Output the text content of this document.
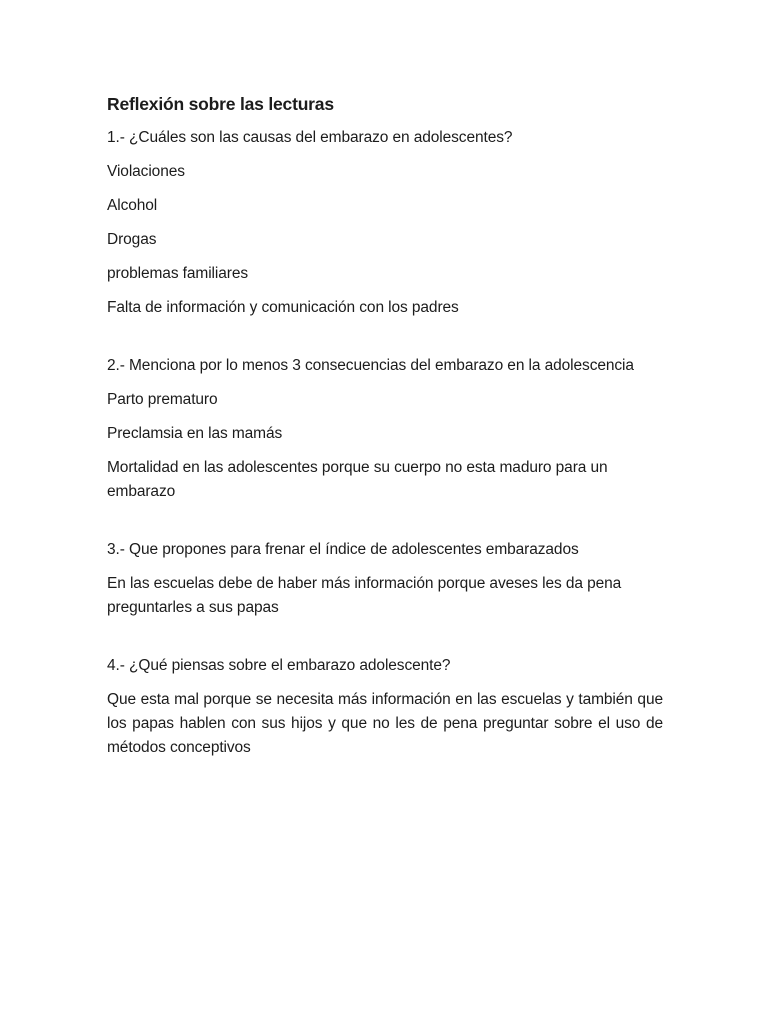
Reflexión sobre las lecturas
1.- ¿Cuáles son las causas del embarazo en adolescentes?
Violaciones
Alcohol
Drogas
problemas familiares
Falta de información y comunicación con los padres
2.- Menciona por lo menos 3 consecuencias del embarazo en la adolescencia
Parto prematuro
Preclamsia en las mamás
Mortalidad en las adolescentes porque su cuerpo no esta maduro para un embarazo
3.- Que propones para frenar el índice de adolescentes embarazados
En las escuelas debe de haber más información porque aveses les da pena preguntarles a sus papas
4.- ¿Qué piensas sobre el embarazo adolescente?
Que esta mal porque se necesita más información en las escuelas y también que los papas hablen con sus hijos y que no les de pena preguntar sobre el uso de métodos conceptivos
